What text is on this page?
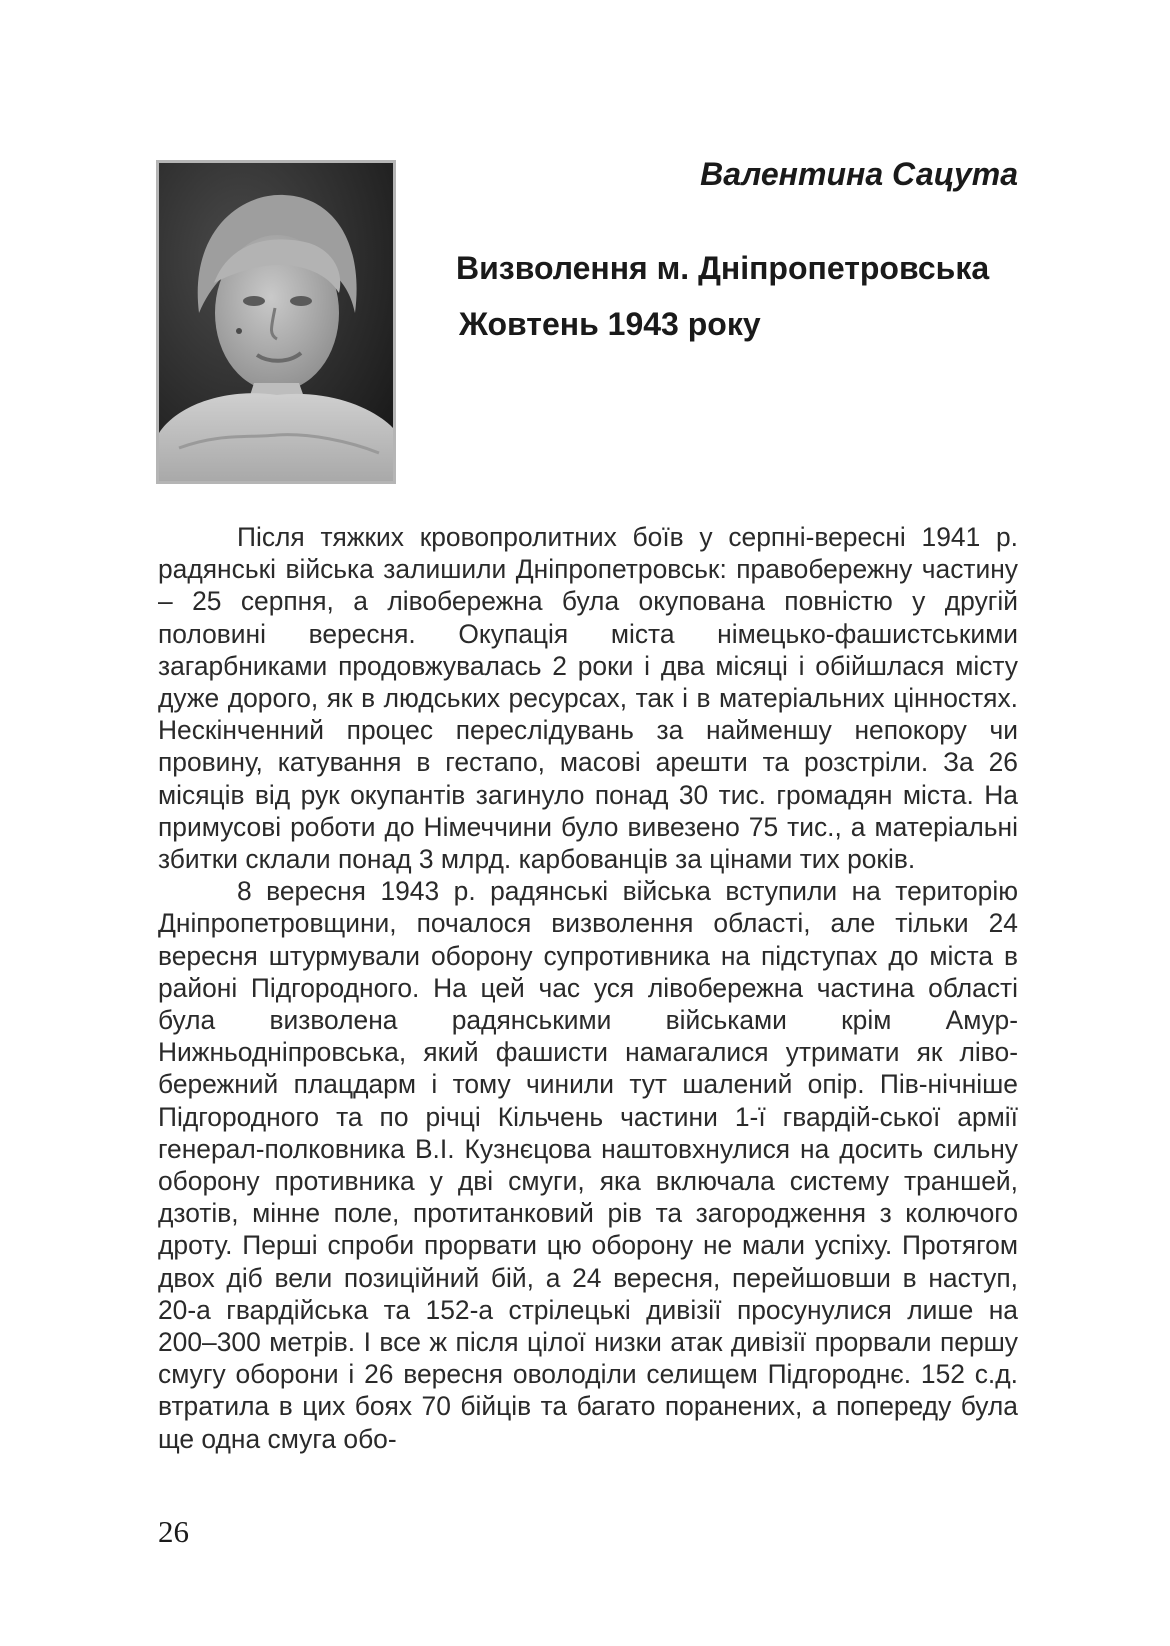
Валентина Сацута
Визволення м. Дніпропетровська
Жовтень 1943 року

Після тяжких кровопролитних боїв у серпні-вересні 1941 р. радянські війська залишили Дніпропетровськ: правобережну частину – 25 серпня, а лівобережна була окупована повністю у другій половині вересня. Окупація міста німецько-фашистськими загарбниками продовжувалась 2 роки і два місяці і обійшлася місту дуже дорого, як в людських ресурсах, так і в матеріальних цінностях. Нескінченний процес переслідувань за найменшу непокору чи провину, катування в гестапо, масові арешти та розстріли. За 26 місяців від рук окупантів загинуло понад 30 тис. громадян міста. На примусові роботи до Німеччини було вивезено 75 тис., а матеріальні збитки склали понад 3 млрд. карбованців за цінами тих років.

8 вересня 1943 р. радянські війська вступили на територію Дніпропетровщини, почалося визволення області, але тільки 24 вересня штурмували оборону супротивника на підступах до міста в районі Підгородного. На цей час уся лівобережна частина області була визволена радянськими військами крім Амур-Нижньодніпровська, який фашисти намагалися утримати як лівобережний плацдарм і тому чинили тут шалений опір. Пів-нічніше Підгородного та по річці Кільчень частини 1-ї гвардій-ської армії генерал-полковника В.І. Кузнєцова наштовхнулися на досить сильну оборону противника у дві смуги, яка включала систему траншей, дзотів, мінне поле, протитанковий рів та загородження з колючого дроту. Перші спроби прорвати цю оборону не мали успіху. Протягом двох діб вели позиційний бій, а 24 вересня, перейшовши в наступ, 20-а гвардійська та 152-а стрілецькі дивізії просунулися лише на 200–300 метрів. І все ж після цілої низки атак дивізії прорвали першу смугу оборони і 26 вересня оволоділи селищем Підгороднє. 152 с.д. втратила в цих боях 70 бійців та багато поранених, а попереду була ще одна смуга обо-

26
